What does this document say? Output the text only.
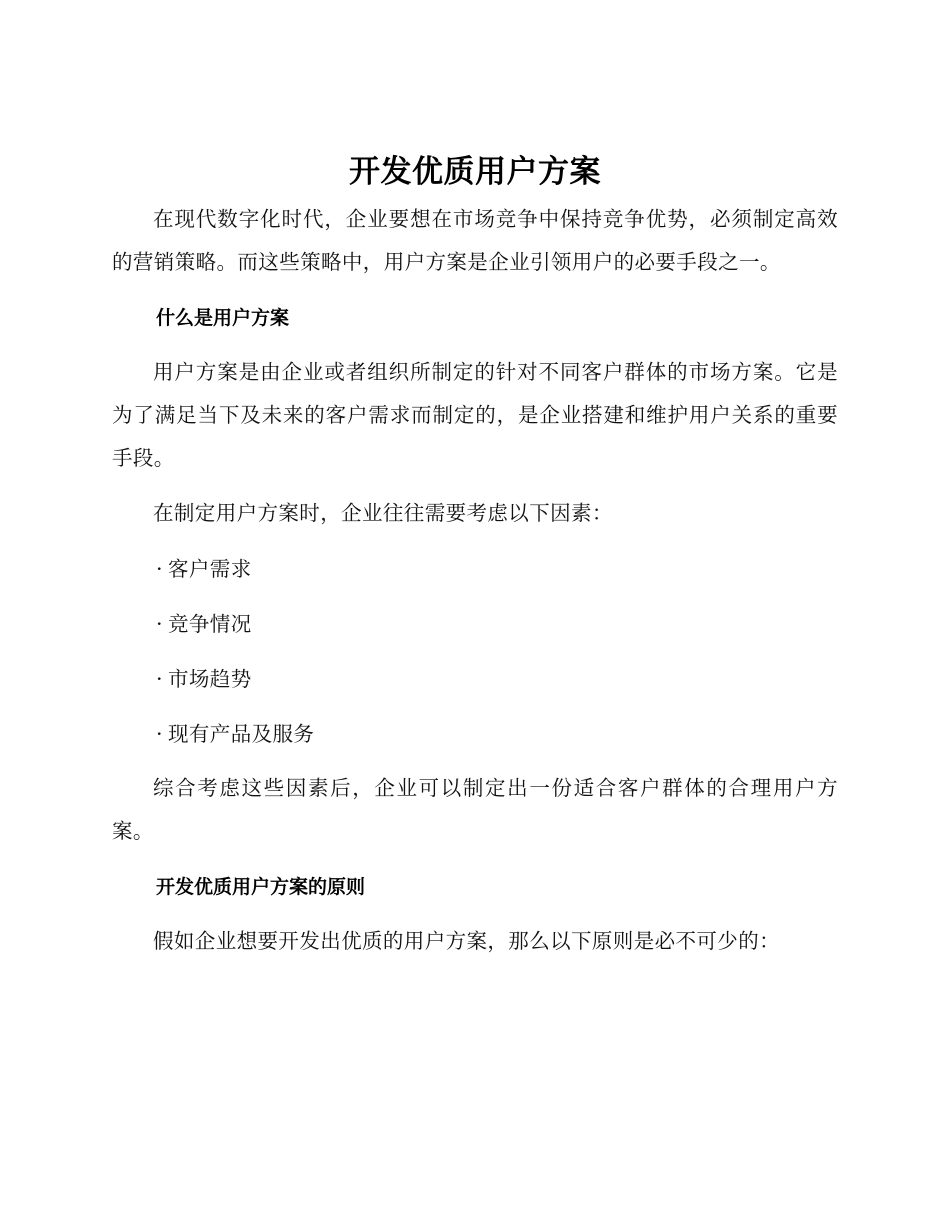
开发优质用户方案

在现代数字化时代，企业要想在市场竞争中保持竞争优势，必须制定高效的营销策略。而这些策略中，用户方案是企业引领用户的必要手段之一。

什么是用户方案

用户方案是由企业或者组织所制定的针对不同客户群体的市场方案。它是为了满足当下及未来的客户需求而制定的，是企业搭建和维护用户关系的重要手段。

在制定用户方案时，企业往往需要考虑以下因素：

· 客户需求
· 竞争情况
· 市场趋势
· 现有产品及服务

综合考虑这些因素后，企业可以制定出一份适合客户群体的合理用户方案。

开发优质用户方案的原则

假如企业想要开发出优质的用户方案，那么以下原则是必不可少的：
